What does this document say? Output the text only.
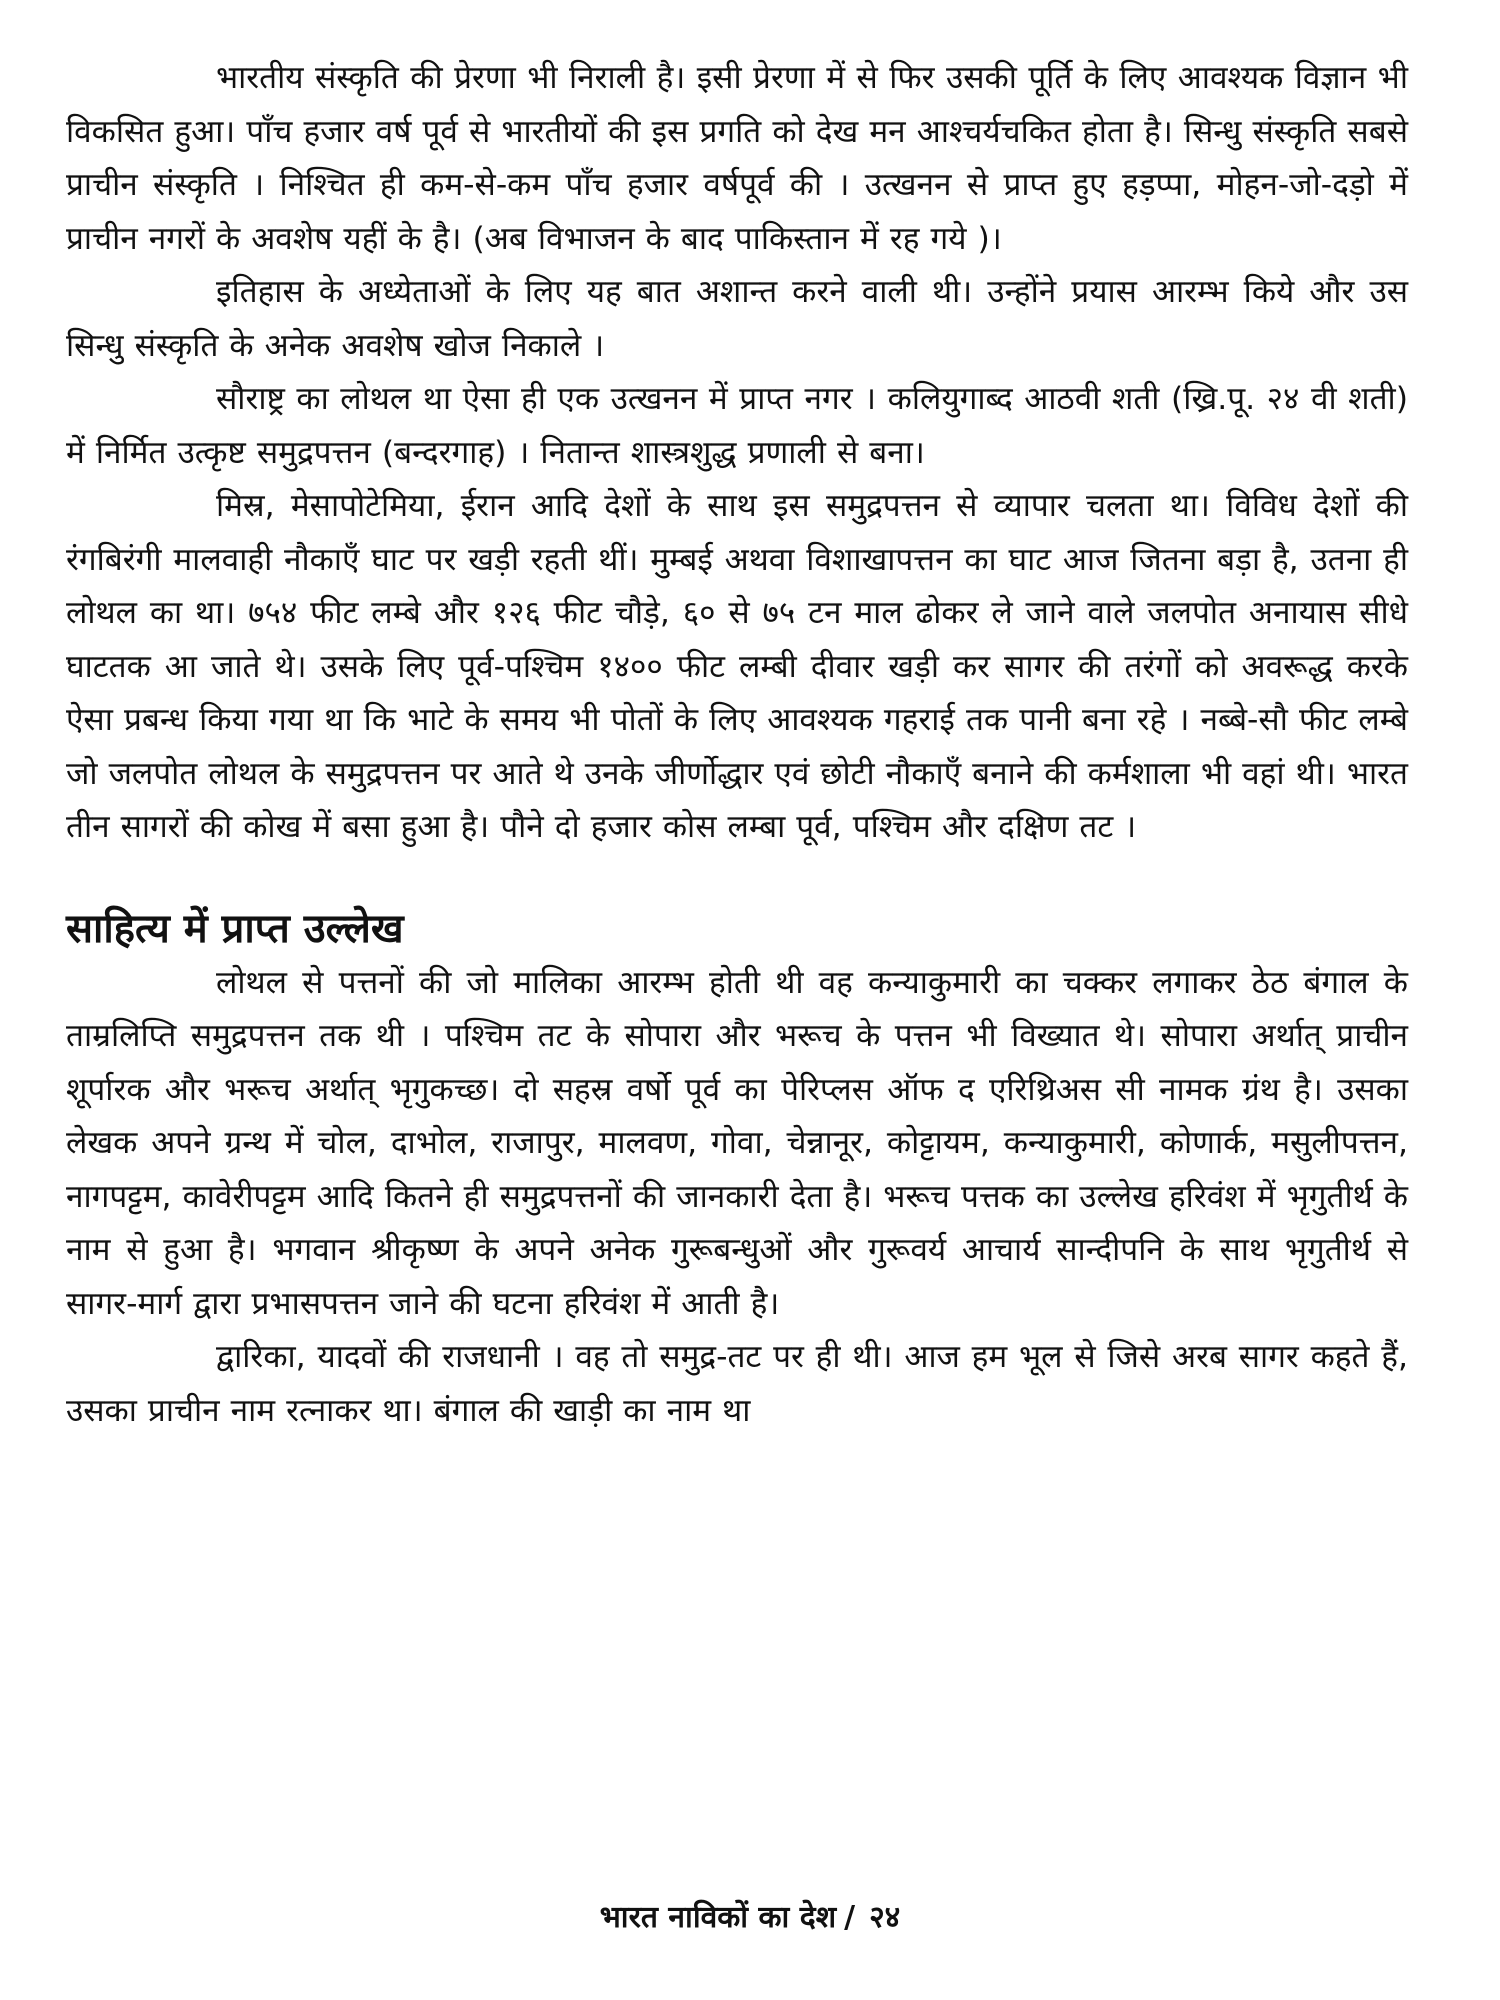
भारतीय संस्कृति की प्रेरणा भी निराली है। इसी प्रेरणा में से फिर उसकी पूर्ति के लिए आवश्यक विज्ञान भी विकसित हुआ। पाँच हजार वर्ष पूर्व से भारतीयों की इस प्रगति को देख मन आश्चर्यचकित होता है। सिन्धु संस्कृति सबसे प्राचीन संस्कृति । निश्चित ही कम-से-कम पाँच हजार वर्षपूर्व की । उत्खनन से प्राप्त हुए हड़प्पा, मोहन-जो-दड़ो में प्राचीन नगरों के अवशेष यहीं के है। (अब विभाजन के बाद पाकिस्तान में रह गये )।

इतिहास के अध्येताओं के लिए यह बात अशान्त करने वाली थी। उन्होंने प्रयास आरम्भ किये और उस सिन्धु संस्कृति के अनेक अवशेष खोज निकाले ।

सौराष्ट्र का लोथल था ऐसा ही एक उत्खनन में प्राप्त नगर । कलियुगाब्द आठवी शती (ख्रि.पू. २४ वी शती) में निर्मित उत्कृष्ट समुद्रपत्तन (बन्दरगाह) । नितान्त शास्त्रशुद्ध प्रणाली से बना।

मिस्र, मेसापोटेमिया, ईरान आदि देशों के साथ इस समुद्रपत्तन से व्यापार चलता था। विविध देशों की रंगबिरंगी मालवाही नौकाएँ घाट पर खड़ी रहती थीं। मुम्बई अथवा विशाखापत्तन का घाट आज जितना बड़ा है, उतना ही लोथल का था। ७५४ फीट लम्बे और १२६ फीट चौड़े, ६० से ७५ टन माल ढोकर ले जाने वाले जलपोत अनायास सीधे घाटतक आ जाते थे। उसके लिए पूर्व-पश्चिम १४०० फीट लम्बी दीवार खड़ी कर सागर की तरंगों को अवरूद्ध करके ऐसा प्रबन्ध किया गया था कि भाटे के समय भी पोतों के लिए आवश्यक गहराई तक पानी बना रहे । नब्बे-सौ फीट लम्बे जो जलपोत लोथल के समुद्रपत्तन पर आते थे उनके जीर्णोद्धार एवं छोटी नौकाएँ बनाने की कर्मशाला भी वहां थी। भारत तीन सागरों की कोख में बसा हुआ है। पौने दो हजार कोस लम्बा पूर्व, पश्चिम और दक्षिण तट ।

साहित्य में प्राप्त उल्लेख

लोथल से पत्तनों की जो मालिका आरम्भ होती थी वह कन्याकुमारी का चक्कर लगाकर ठेठ बंगाल के ताम्रलिप्ति समुद्रपत्तन तक थी । पश्चिम तट के सोपारा और भरूच के पत्तन भी विख्यात थे। सोपारा अर्थात् प्राचीन शूर्पारक और भरूच अर्थात् भृगुकच्छ। दो सहस्र वर्षो पूर्व का पेरिप्लस ऑफ द एरिथ्रिअस सी नामक ग्रंथ है। उसका लेखक अपने ग्रन्थ में चोल, दाभोल, राजापुर, मालवण, गोवा, चेन्नानूर, कोट्टायम, कन्याकुमारी, कोणार्क, मसुलीपत्तन, नागपट्टम, कावेरीपट्टम आदि कितने ही समुद्रपत्तनों की जानकारी देता है। भरूच पत्तक का उल्लेख हरिवंश में भृगुतीर्थ के नाम से हुआ है। भगवान श्रीकृष्ण के अपने अनेक गुरूबन्धुओं और गुरूवर्य आचार्य सान्दीपनि के साथ भृगुतीर्थ से सागर-मार्ग द्वारा प्रभासपत्तन जाने की घटना हरिवंश में आती है।

द्वारिका, यादवों की राजधानी । वह तो समुद्र-तट पर ही थी। आज हम भूल से जिसे अरब सागर कहते हैं, उसका प्राचीन नाम रत्नाकर था। बंगाल की खाड़ी का नाम था

भारत नाविकों का देश / २४
